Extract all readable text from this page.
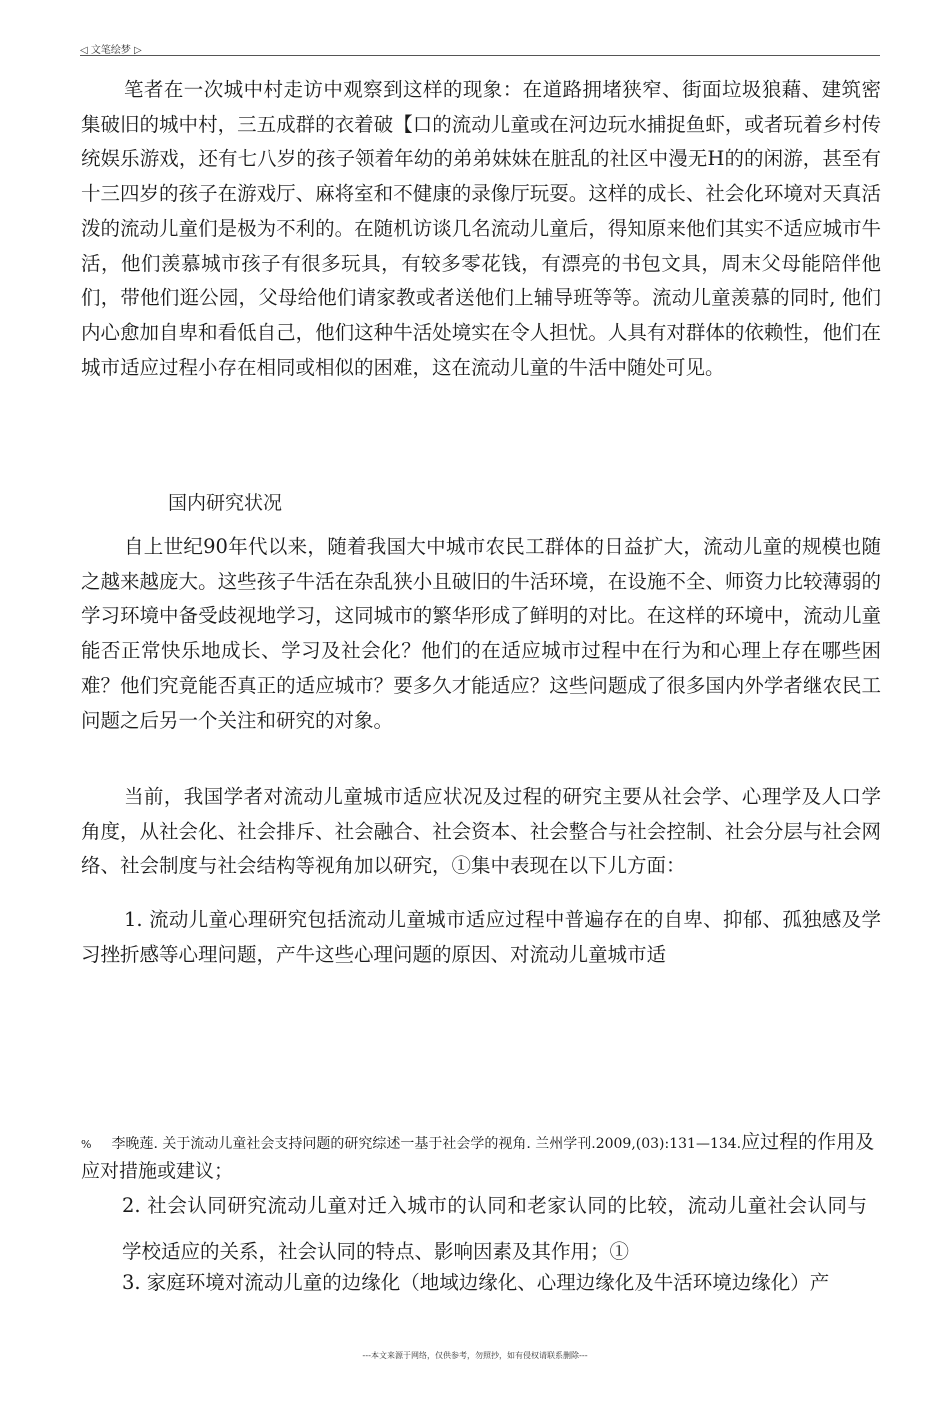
◁ 文笔绘梦 ▷

笔者在一次城中村走访中观察到这样的现象：在道路拥堵狭窄、街面垃圾狼藉、建筑密集破旧的城中村，三五成群的衣着破【口的流动儿童或在河边玩水捕捉鱼虾，或者玩着乡村传统娱乐游戏，还有七八岁的孩子领着年幼的弟弟妹妹在脏乱的社区中漫无H的的闲游，甚至有十三四岁的孩子在游戏厅、麻将室和不健康的录像厅玩耍。这样的成长、社会化环境对天真活泼的流动儿童们是极为不利的。在随机访谈几名流动儿童后，得知原来他们其实不适应城市牛活，他们羡慕城市孩子有很多玩具，有较多零花钱，有漂亮的书包文具，周末父母能陪伴他们，带他们逛公园，父母给他们请家教或者送他们上辅导班等等。流动儿童羡慕的同时, 他们内心愈加自卑和看低自己，他们这种牛活处境实在令人担忧。人具有对群体的依赖性，他们在城市适应过程小存在相同或相似的困难，这在流动儿童的牛活中随处可见。

国内研究状况

自上世纪90年代以来，随着我国大中城市农民工群体的日益扩大，流动儿童的规模也随之越来越庞大。这些孩子牛活在杂乱狭小且破旧的牛活环境，在设施不全、师资力比较薄弱的学习环境中备受歧视地学习，这同城市的繁华形成了鲜明的对比。在这样的环境中，流动儿童能否正常快乐地成长、学习及社会化？他们的在适应城市过程中在行为和心理上存在哪些困难？他们究竟能否真正的适应城市？要多久才能适应？这些问题成了很多国内外学者继农民工问题之后另一个关注和研究的对象。

当前，我国学者对流动儿童城市适应状况及过程的研究主要从社会学、心理学及人口学角度，从社会化、社会排斥、社会融合、社会资本、社会整合与社会控制、社会分层与社会网络、社会制度与社会结构等视角加以研究，①集中表现在以下儿方面：

1. 流动儿童心理研究包括流动儿童城市适应过程中普遍存在的自卑、抑郁、孤独感及学习挫折感等心理问题，产牛这些心理问题的原因、对流动儿童城市适

% 李晚莲. 关于流动儿童社会支持问题的研究综述一基于社会学的视角. 兰州学刊.2009,(03):131—134.应过程的作用及应对措施或建议；

2. 社会认同研究流动儿童对迁入城市的认同和老家认同的比较，流动儿童社会认同与学校适应的关系，社会认同的特点、影响因素及其作用；①

3. 家庭环境对流动儿童的边缘化（地域边缘化、心理边缘化及牛活环境边缘化）产

---本文来源于网络，仅供参考，勿照抄，如有侵权请联系删除---
